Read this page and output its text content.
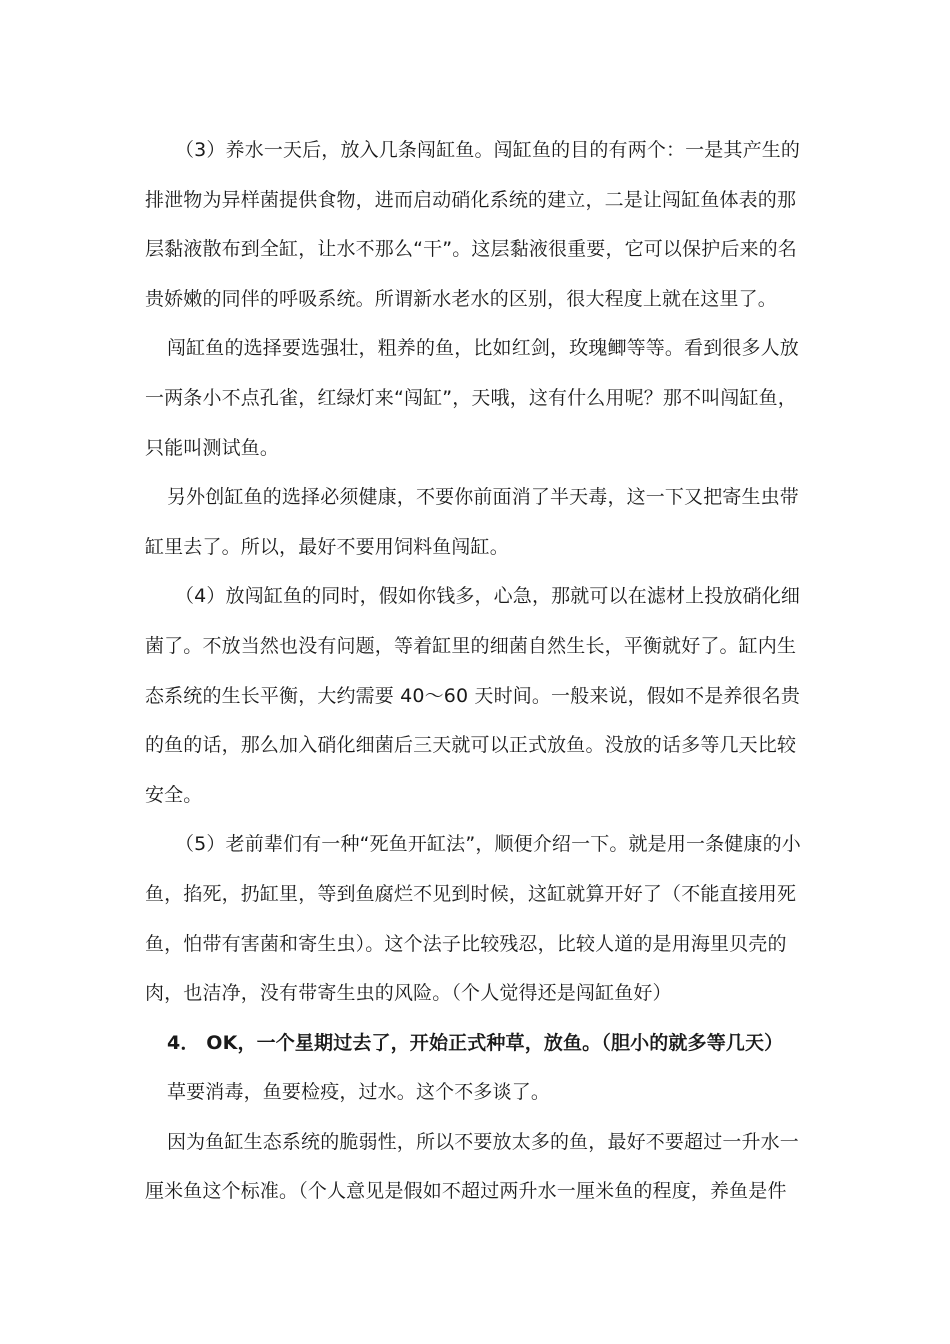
（3）养水一天后，放入几条闯缸鱼。闯缸鱼的目的有两个：一是其产生的排泄物为异样菌提供食物，进而启动硝化系统的建立，二是让闯缸鱼体表的那层黏液散布到全缸，让水不那么“干”。这层黏液很重要，它可以保护后来的名贵娇嫩的同伴的呼吸系统。所谓新水老水的区别，很大程度上就在这里了。

闯缸鱼的选择要选强壮，粗养的鱼，比如红剑，玫瑰鲫等等。看到很多人放一两条小不点孔雀，红绿灯来“闯缸”，天哦，这有什么用呢？那不叫闯缸鱼，只能叫测试鱼。

另外创缸鱼的选择必须健康，不要你前面消了半天毒，这一下又把寄生虫带缸里去了。所以，最好不要用饲料鱼闯缸。

（4）放闯缸鱼的同时，假如你钱多，心急，那就可以在滤材上投放硝化细菌了。不放当然也没有问题，等着缸里的细菌自然生长，平衡就好了。缸内生态系统的生长平衡，大约需要 40～60 天时间。一般来说，假如不是养很名贵的鱼的话，那么加入硝化细菌后三天就可以正式放鱼。没放的话多等几天比较安全。

（5）老前辈们有一种“死鱼开缸法”，顺便介绍一下。就是用一条健康的小鱼，掐死，扔缸里，等到鱼腐烂不见到时候，这缸就算开好了（不能直接用死鱼，怕带有害菌和寄生虫）。这个法子比较残忍，比较人道的是用海里贝壳的肉，也洁净，没有带寄生虫的风险。（个人觉得还是闯缸鱼好）

4． OK，一个星期过去了，开始正式种草，放鱼。（胆小的就多等几天）

草要消毒，鱼要检疫，过水。这个不多谈了。

因为鱼缸生态系统的脆弱性，所以不要放太多的鱼，最好不要超过一升水一厘米鱼这个标准。（个人意见是假如不超过两升水一厘米鱼的程度，养鱼是件
